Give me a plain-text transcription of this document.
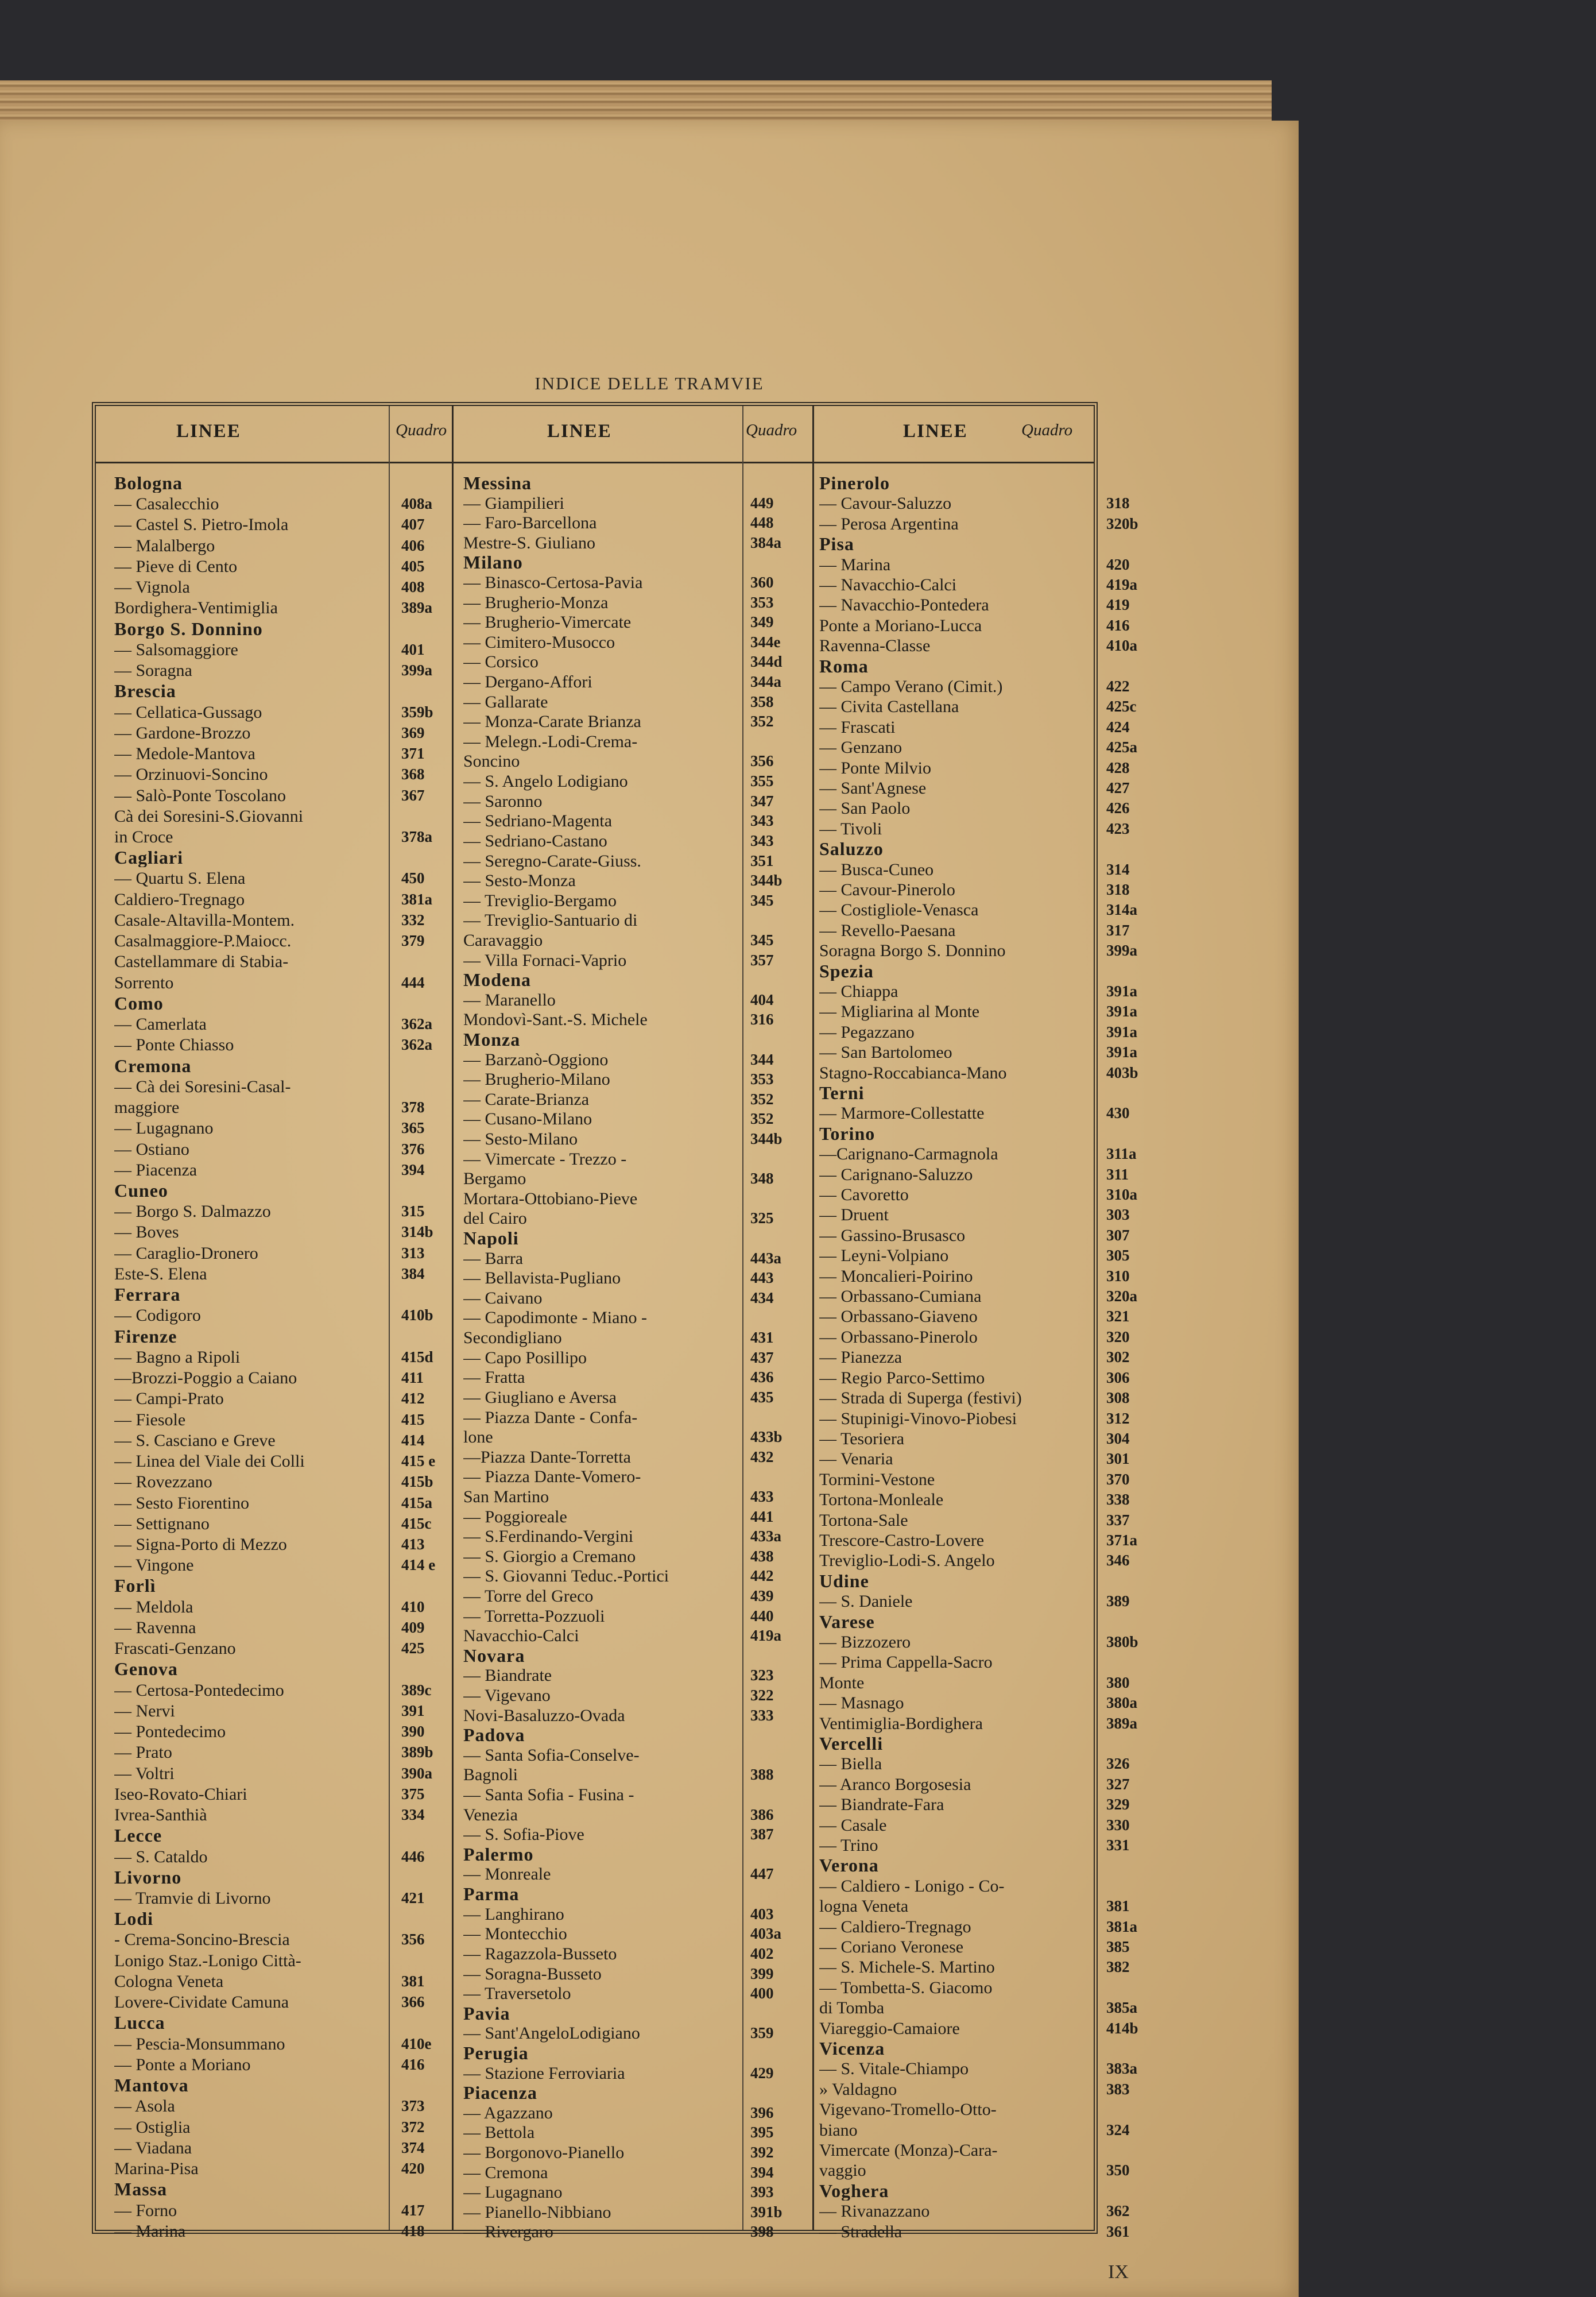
INDICE DELLE TRAMVIE
LINEE	Quadro	LINEE	Quadro	LINEE	Quadro
Bologna
— Casalecchio	408a
— Castel S. Pietro-Imola	407
— Malalbergo	406
— Pieve di Cento	405
— Vignola	408
Bordighera-Ventimiglia	389a
Borgo S. Donnino
— Salsomaggiore	401
— Soragna	399a
Brescia
— Cellatica-Gussago	359b
— Gardone-Brozzo	369
— Medole-Mantova	371
— Orzinuovi-Soncino	368
— Salò-Ponte Toscolano	367
Cà dei Soresini-S.Giovanni
in Croce	378a
Cagliari
— Quartu S. Elena	450
Caldiero-Tregnago	381a
Casale-Altavilla-Montem.	332
Casalmaggiore-P.Maiocc.	379
Castellammare di Stabia-
Sorrento	444
Como
— Camerlata	362a
— Ponte Chiasso	362a
Cremona
— Cà dei Soresini-Casal-
maggiore	378
— Lugagnano	365
— Ostiano	376
— Piacenza	394
Cuneo
— Borgo S. Dalmazzo	315
— Boves	314b
— Caraglio-Dronero	313
Este-S. Elena	384
Ferrara
— Codigoro	410b
Firenze
— Bagno a Ripoli	415d
—Brozzi-Poggio a Caiano	411
— Campi-Prato	412
— Fiesole	415
— S. Casciano e Greve	414
— Linea del Viale dei Colli	415 e
— Rovezzano	415b
— Sesto Fiorentino	415a
— Settignano	415c
— Signa-Porto di Mezzo	413
— Vingone	414 e
Forlì
— Meldola	410
— Ravenna	409
Frascati-Genzano	425
Genova
— Certosa-Pontedecimo	389c
— Nervi	391
— Pontedecimo	390
— Prato	389b
— Voltri	390a
Iseo-Rovato-Chiari	375
Ivrea-Santhià	334
Lecce
— S. Cataldo	446
Livorno
— Tramvie di Livorno	421
Lodi
- Crema-Soncino-Brescia	356
Lonigo Staz.-Lonigo Città-
Cologna Veneta	381
Lovere-Cividate Camuna	366
Lucca
— Pescia-Monsummano	410e
— Ponte a Moriano	416
Mantova
— Asola	373
— Ostiglia	372
— Viadana	374
Marina-Pisa	420
Massa
— Forno	417
— Marina	418
Messina
— Giampilieri	449
— Faro-Barcellona	448
Mestre-S. Giuliano	384a
Milano
— Binasco-Certosa-Pavia	360
— Brugherio-Monza	353
— Brugherio-Vimercate	349
— Cimitero-Musocco	344e
— Corsico	344d
— Dergano-Affori	344a
— Gallarate	358
— Monza-Carate Brianza	352
— Melegn.-Lodi-Crema-
Soncino	356
— S. Angelo Lodigiano	355
— Saronno	347
— Sedriano-Magenta	343
— Sedriano-Castano	343
— Seregno-Carate-Giuss.	351
— Sesto-Monza	344b
— Treviglio-Bergamo	345
— Treviglio-Santuario di
Caravaggio	345
— Villa Fornaci-Vaprio	357
Modena
— Maranello	404
Mondovì-Sant.-S. Michele	316
Monza
— Barzanò-Oggiono	344
— Brugherio-Milano	353
— Carate-Brianza	352
— Cusano-Milano	352
— Sesto-Milano	344b
— Vimercate - Trezzo -
Bergamo	348
Mortara-Ottobiano-Pieve
del Cairo	325
Napoli
— Barra	443a
— Bellavista-Pugliano	443
— Caivano	434
— Capodimonte - Miano -
Secondigliano	431
— Capo Posillipo	437
— Fratta	436
— Giugliano e Aversa	435
— Piazza Dante - Confa-
lone	433b
—Piazza Dante-Torretta	432
— Piazza Dante-Vomero-
San Martino	433
— Poggioreale	441
— S.Ferdinando-Vergini	433a
— S. Giorgio a Cremano	438
— S. Giovanni Teduc.-Portici	442
— Torre del Greco	439
— Torretta-Pozzuoli	440
Navacchio-Calci	419a
Novara
— Biandrate	323
— Vigevano	322
Novi-Basaluzzo-Ovada	333
Padova
— Santa Sofia-Conselve-
Bagnoli	388
— Santa Sofia - Fusina -
Venezia	386
— S. Sofia-Piove	387
Palermo
— Monreale	447
Parma
— Langhirano	403
— Montecchio	403a
— Ragazzola-Busseto	402
— Soragna-Busseto	399
— Traversetolo	400
Pavia
— Sant'AngeloLodigiano	359
Perugia
— Stazione Ferroviaria	429
Piacenza
— Agazzano	396
— Bettola	395
— Borgonovo-Pianello	392
— Cremona	394
— Lugagnano	393
— Pianello-Nibbiano	391b
— Rivergaro	398
Pinerolo
— Cavour-Saluzzo	318
— Perosa Argentina	320b
Pisa
— Marina	420
— Navacchio-Calci	419a
— Navacchio-Pontedera	419
Ponte a Moriano-Lucca	416
Ravenna-Classe	410a
Roma
— Campo Verano (Cimit.)	422
— Civita Castellana	425c
— Frascati	424
— Genzano	425a
— Ponte Milvio	428
— Sant'Agnese	427
— San Paolo	426
— Tivoli	423
Saluzzo
— Busca-Cuneo	314
— Cavour-Pinerolo	318
— Costigliole-Venasca	314a
— Revello-Paesana	317
Soragna Borgo S. Donnino	399a
Spezia
— Chiappa	391a
— Migliarina al Monte	391a
— Pegazzano	391a
— San Bartolomeo	391a
Stagno-Roccabianca-Mano	403b
Terni
— Marmore-Collestatte	430
Torino
—Carignano-Carmagnola	311a
— Carignano-Saluzzo	311
— Cavoretto	310a
— Druent	303
— Gassino-Brusasco	307
— Leyni-Volpiano	305
— Moncalieri-Poirino	310
— Orbassano-Cumiana	320a
— Orbassano-Giaveno	321
— Orbassano-Pinerolo	320
— Pianezza	302
— Regio Parco-Settimo	306
— Strada di Superga (festivi)	308
— Stupinigi-Vinovo-Piobesi	312
— Tesoriera	304
— Venaria	301
Tormini-Vestone	370
Tortona-Monleale	338
Tortona-Sale	337
Trescore-Castro-Lovere	371a
Treviglio-Lodi-S. Angelo	346
Udine
— S. Daniele	389
Varese
— Bizzozero	380b
— Prima Cappella-Sacro
Monte	380
— Masnago	380a
Ventimiglia-Bordighera	389a
Vercelli
— Biella	326
— Aranco Borgosesia	327
— Biandrate-Fara	329
— Casale	330
— Trino	331
Verona
— Caldiero - Lonigo - Co-
logna Veneta	381
— Caldiero-Tregnago	381a
— Coriano Veronese	385
— S. Michele-S. Martino	382
— Tombetta-S. Giacomo
di Tomba	385a
Viareggio-Camaiore	414b
Vicenza
— S. Vitale-Chiampo	383a
» Valdagno	383
Vigevano-Tromello-Otto-
biano	324
Vimercate (Monza)-Cara-
vaggio	350
Voghera
— Rivanazzano	362
— Stradella	361
IX
